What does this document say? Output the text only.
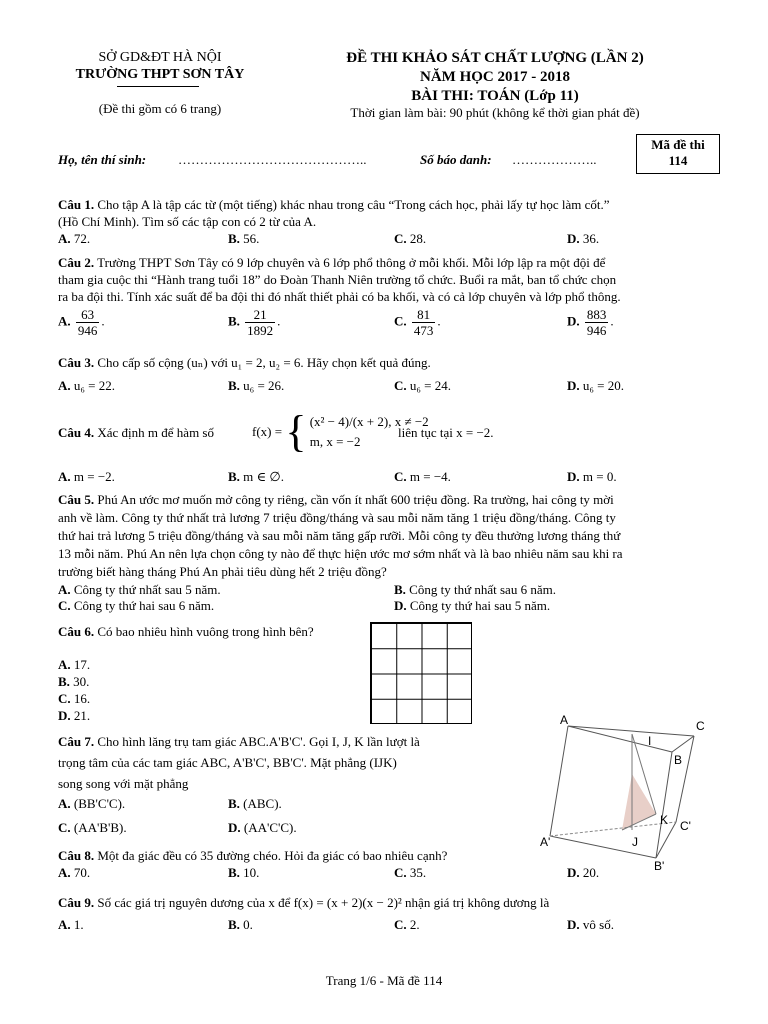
SỞ GD&ĐT HÀ NỘI
TRƯỜNG THPT SƠN TÂY
(Đề thi gồm có 6 trang)
ĐỀ THI KHẢO SÁT CHẤT LƯỢNG (LẦN 2)
NĂM HỌC 2017 - 2018
BÀI THI: TOÁN (Lớp 11)
Thời gian làm bài: 90 phút (không kể thời gian phát đề)
Mã đề thi
114
Họ, tên thí sinh: ……………………………………..	Số báo danh: ………………..
Câu 1. Cho tập A là tập các từ (một tiếng) khác nhau trong câu “Trong cách học, phải lấy tự học làm cốt.”
(Hồ Chí Minh). Tìm số các tập con có 2 từ của A.
A. 72.	B. 56.	C. 28.	D. 36.
Câu 2. Trường THPT Sơn Tây có 9 lớp chuyên và 6 lớp phổ thông ở mỗi khối. Mỗi lớp lập ra một đội để
tham gia cuộc thi “Hành trang tuổi 18” do Đoàn Thanh Niên trường tổ chức. Buổi ra mắt, ban tổ chức chọn
ra ba đội thi. Tính xác suất để ba đội thi đó nhất thiết phải có ba khối, và có cả lớp chuyên và lớp phổ thông.
A. $\frac{63}{946}$ .	B. $\frac{21}{1892}$ .	C. $\frac{81}{473}$ .	D. $\frac{883}{946}$ .
Câu 3. Cho cấp số cộng (uₙ) với u₁ = 2, u₂ = 6. Hãy chọn kết quả đúng.
A. u₆ = 22.	B. u₆ = 26.	C. u₆ = 24.	D. u₆ = 20.
Câu 4. Xác định m để hàm số	f(x) = { (x² − 4)/(x + 2), x ≠ −2
m, x = −2
liên tục tại x = −2.
A. m = −2.	B. m ∈ ∅.	C. m = −4.	D. m = 0.
Câu 5. Phú An ước mơ muốn mở công ty riêng, cần vốn ít nhất 600 triệu đồng. Ra trường, hai công ty mời
anh về làm. Công ty thứ nhất trả lương 7 triệu đồng/tháng và sau mỗi năm tăng 1 triệu đồng/tháng. Công ty
thứ hai trả lương 5 triệu đồng/tháng và sau mỗi năm tăng gấp rưỡi. Mỗi công ty đều thưởng lương tháng thứ
13 mỗi năm. Phú An nên lựa chọn công ty nào để thực hiện ước mơ sớm nhất và là bao nhiêu năm sau khi ra
trường biết hàng tháng Phú An phải tiêu dùng hết 2 triệu đồng?
A. Công ty thứ nhất sau 5 năm.	B. Công ty thứ nhất sau 6 năm.
C. Công ty thứ hai sau 6 năm.	D. Công ty thứ hai sau 5 năm.
Câu 6. Có bao nhiêu hình vuông trong hình bên?
A. 17.
B. 30.
C. 16.
D. 21.
Câu 7. Cho hình lăng trụ tam giác ABC.A'B'C'. Gọi I, J, K lần lượt là
trọng tâm của các tam giác ABC, A'B'C', BB'C'. Mặt phẳng (IJK)
song song với mặt phẳng
A. (BB'C'C).	B. (ABC).
C. (AA'B'B).	D. (AA'C'C).
A	C
I
B
K C'
A'	J
B'
Câu 8. Một đa giác đều có 35 đường chéo. Hỏi đa giác có bao nhiêu cạnh?
A. 70.	B. 10.	C. 35.	D. 20.
Câu 9. Số các giá trị nguyên dương của x để f(x) = (x + 2)(x − 2)² nhận giá trị không dương là
A. 1.	B. 0.	C. 2.	D. vô số.
Trang 1/6 - Mã đề 114
